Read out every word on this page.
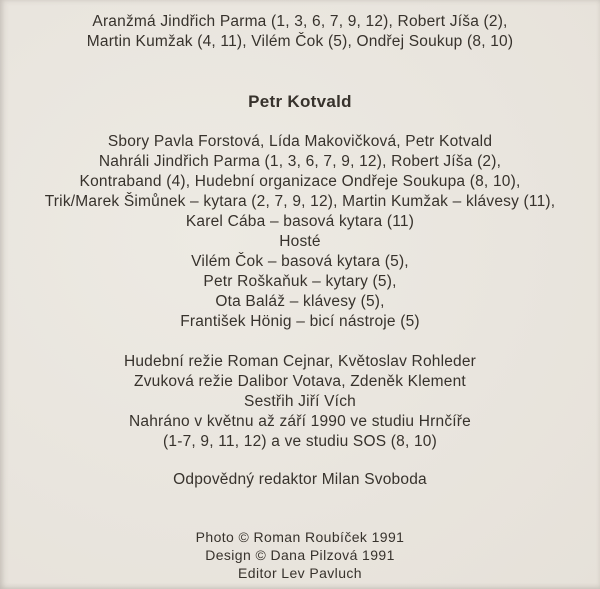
Aranžmá Jindřich Parma (1, 3, 6, 7, 9, 12), Robert Jíša (2),
Martin Kumžak (4, 11), Vilém Čok (5), Ondřej Soukup (8, 10)
Petr Kotvald
Sbory Pavla Forstová, Lída Makovičková, Petr Kotvald
Nahráli Jindřich Parma (1, 3, 6, 7, 9, 12), Robert Jíša (2),
Kontraband (4), Hudební organizace Ondřeje Soukupa (8, 10),
Trik/Marek Šimůnek – kytara (2, 7, 9, 12), Martin Kumžak – klávesy (11),
Karel Cába – basová kytara (11)
Hosté
Vilém Čok – basová kytara (5),
Petr Roškaňuk – kytary (5),
Ota Baláž – klávesy (5),
František Hönig – bicí nástroje (5)
Hudební režie Roman Cejnar, Květoslav Rohleder
Zvuková režie Dalibor Votava, Zdeněk Klement
Sestřih Jiří Vích
Nahráno v květnu až září 1990 ve studiu Hrnčíře
(1-7, 9, 11, 12) a ve studiu SOS (8, 10)
Odpovědný redaktor Milan Svoboda
Photo © Roman Roubíček 1991
Design © Dana Pilzová 1991
Editor Lev Pavluch
